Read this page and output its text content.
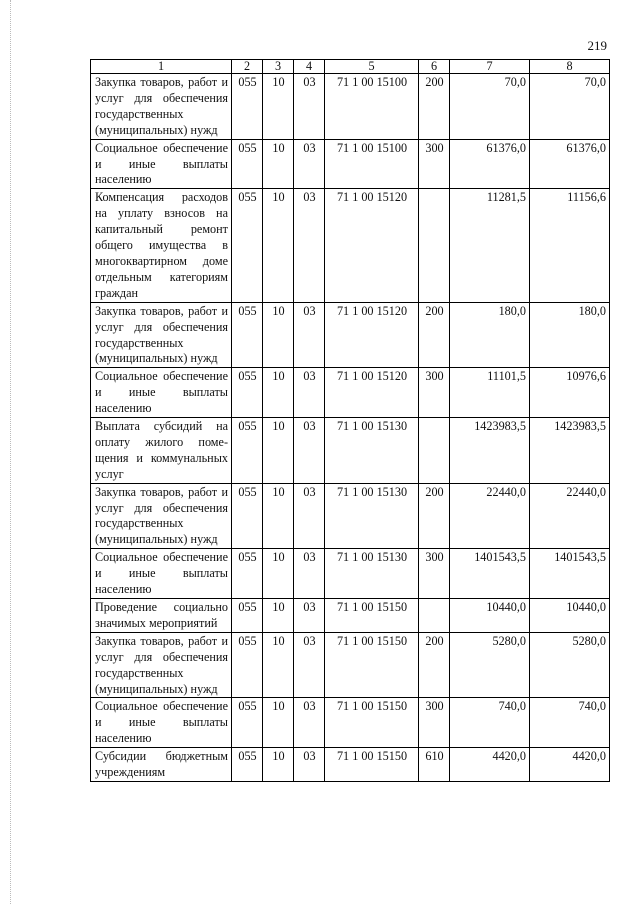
219
1	2	3	4	5	6	7	8
Закупка товаров, работ и услуг для обеспечения государственных (муниципальных) нужд	055	10	03	71 1 00 15100	200	70,0	70,0
Социальное обеспечение и иные выплаты населению	055	10	03	71 1 00 15100	300	61376,0	61376,0
Компенсация расходов на уплату взносов на капитальный ремонт общего имущества в многоквартирном доме отдельным категориям граждан	055	10	03	71 1 00 15120		11281,5	11156,6
Закупка товаров, работ и услуг для обеспечения государственных (муниципальных) нужд	055	10	03	71 1 00 15120	200	180,0	180,0
Социальное обеспечение и иные выплаты населению	055	10	03	71 1 00 15120	300	11101,5	10976,6
Выплата субсидий на оплату жилого помещения и коммунальных услуг	055	10	03	71 1 00 15130		1423983,5	1423983,5
Закупка товаров, работ и услуг для обеспечения государственных (муниципальных) нужд	055	10	03	71 1 00 15130	200	22440,0	22440,0
Социальное обеспечение и иные выплаты населению	055	10	03	71 1 00 15130	300	1401543,5	1401543,5
Проведение социально значимых мероприятий	055	10	03	71 1 00 15150		10440,0	10440,0
Закупка товаров, работ и услуг для обеспечения государственных (муниципальных) нужд	055	10	03	71 1 00 15150	200	5280,0	5280,0
Социальное обеспечение и иные выплаты населению	055	10	03	71 1 00 15150	300	740,0	740,0
Субсидии бюджетным учреждениям	055	10	03	71 1 00 15150	610	4420,0	4420,0
